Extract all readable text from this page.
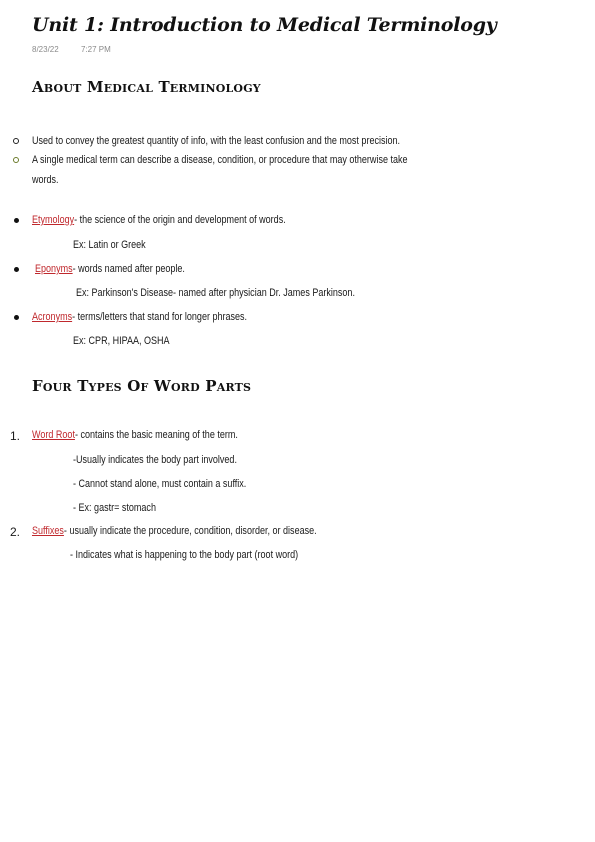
Unit 1: Introduction to Medical Terminology
8/23/22	7:27 PM
About Medical Terminology
Used to convey the greatest quantity of info, with the least confusion and the most precision.
A single medical term can describe a disease, condition, or procedure that may otherwise take
words.
Etymology- the science of the origin and development of words.
Ex: Latin or Greek
Eponyms- words named after people.
Ex: Parkinson's Disease- named after physician Dr. James Parkinson.
Acronyms- terms/letters that stand for longer phrases.
Ex: CPR, HIPAA, OSHA
Four Types Of Word Parts
1. Word Root- contains the basic meaning of the term.
-Usually indicates the body part involved.
- Cannot stand alone, must contain a suffix.
- Ex: gastr= stomach
2. Suffixes- usually indicate the procedure, condition, disorder, or disease.
- Indicates what is happening to the body part (root word)
